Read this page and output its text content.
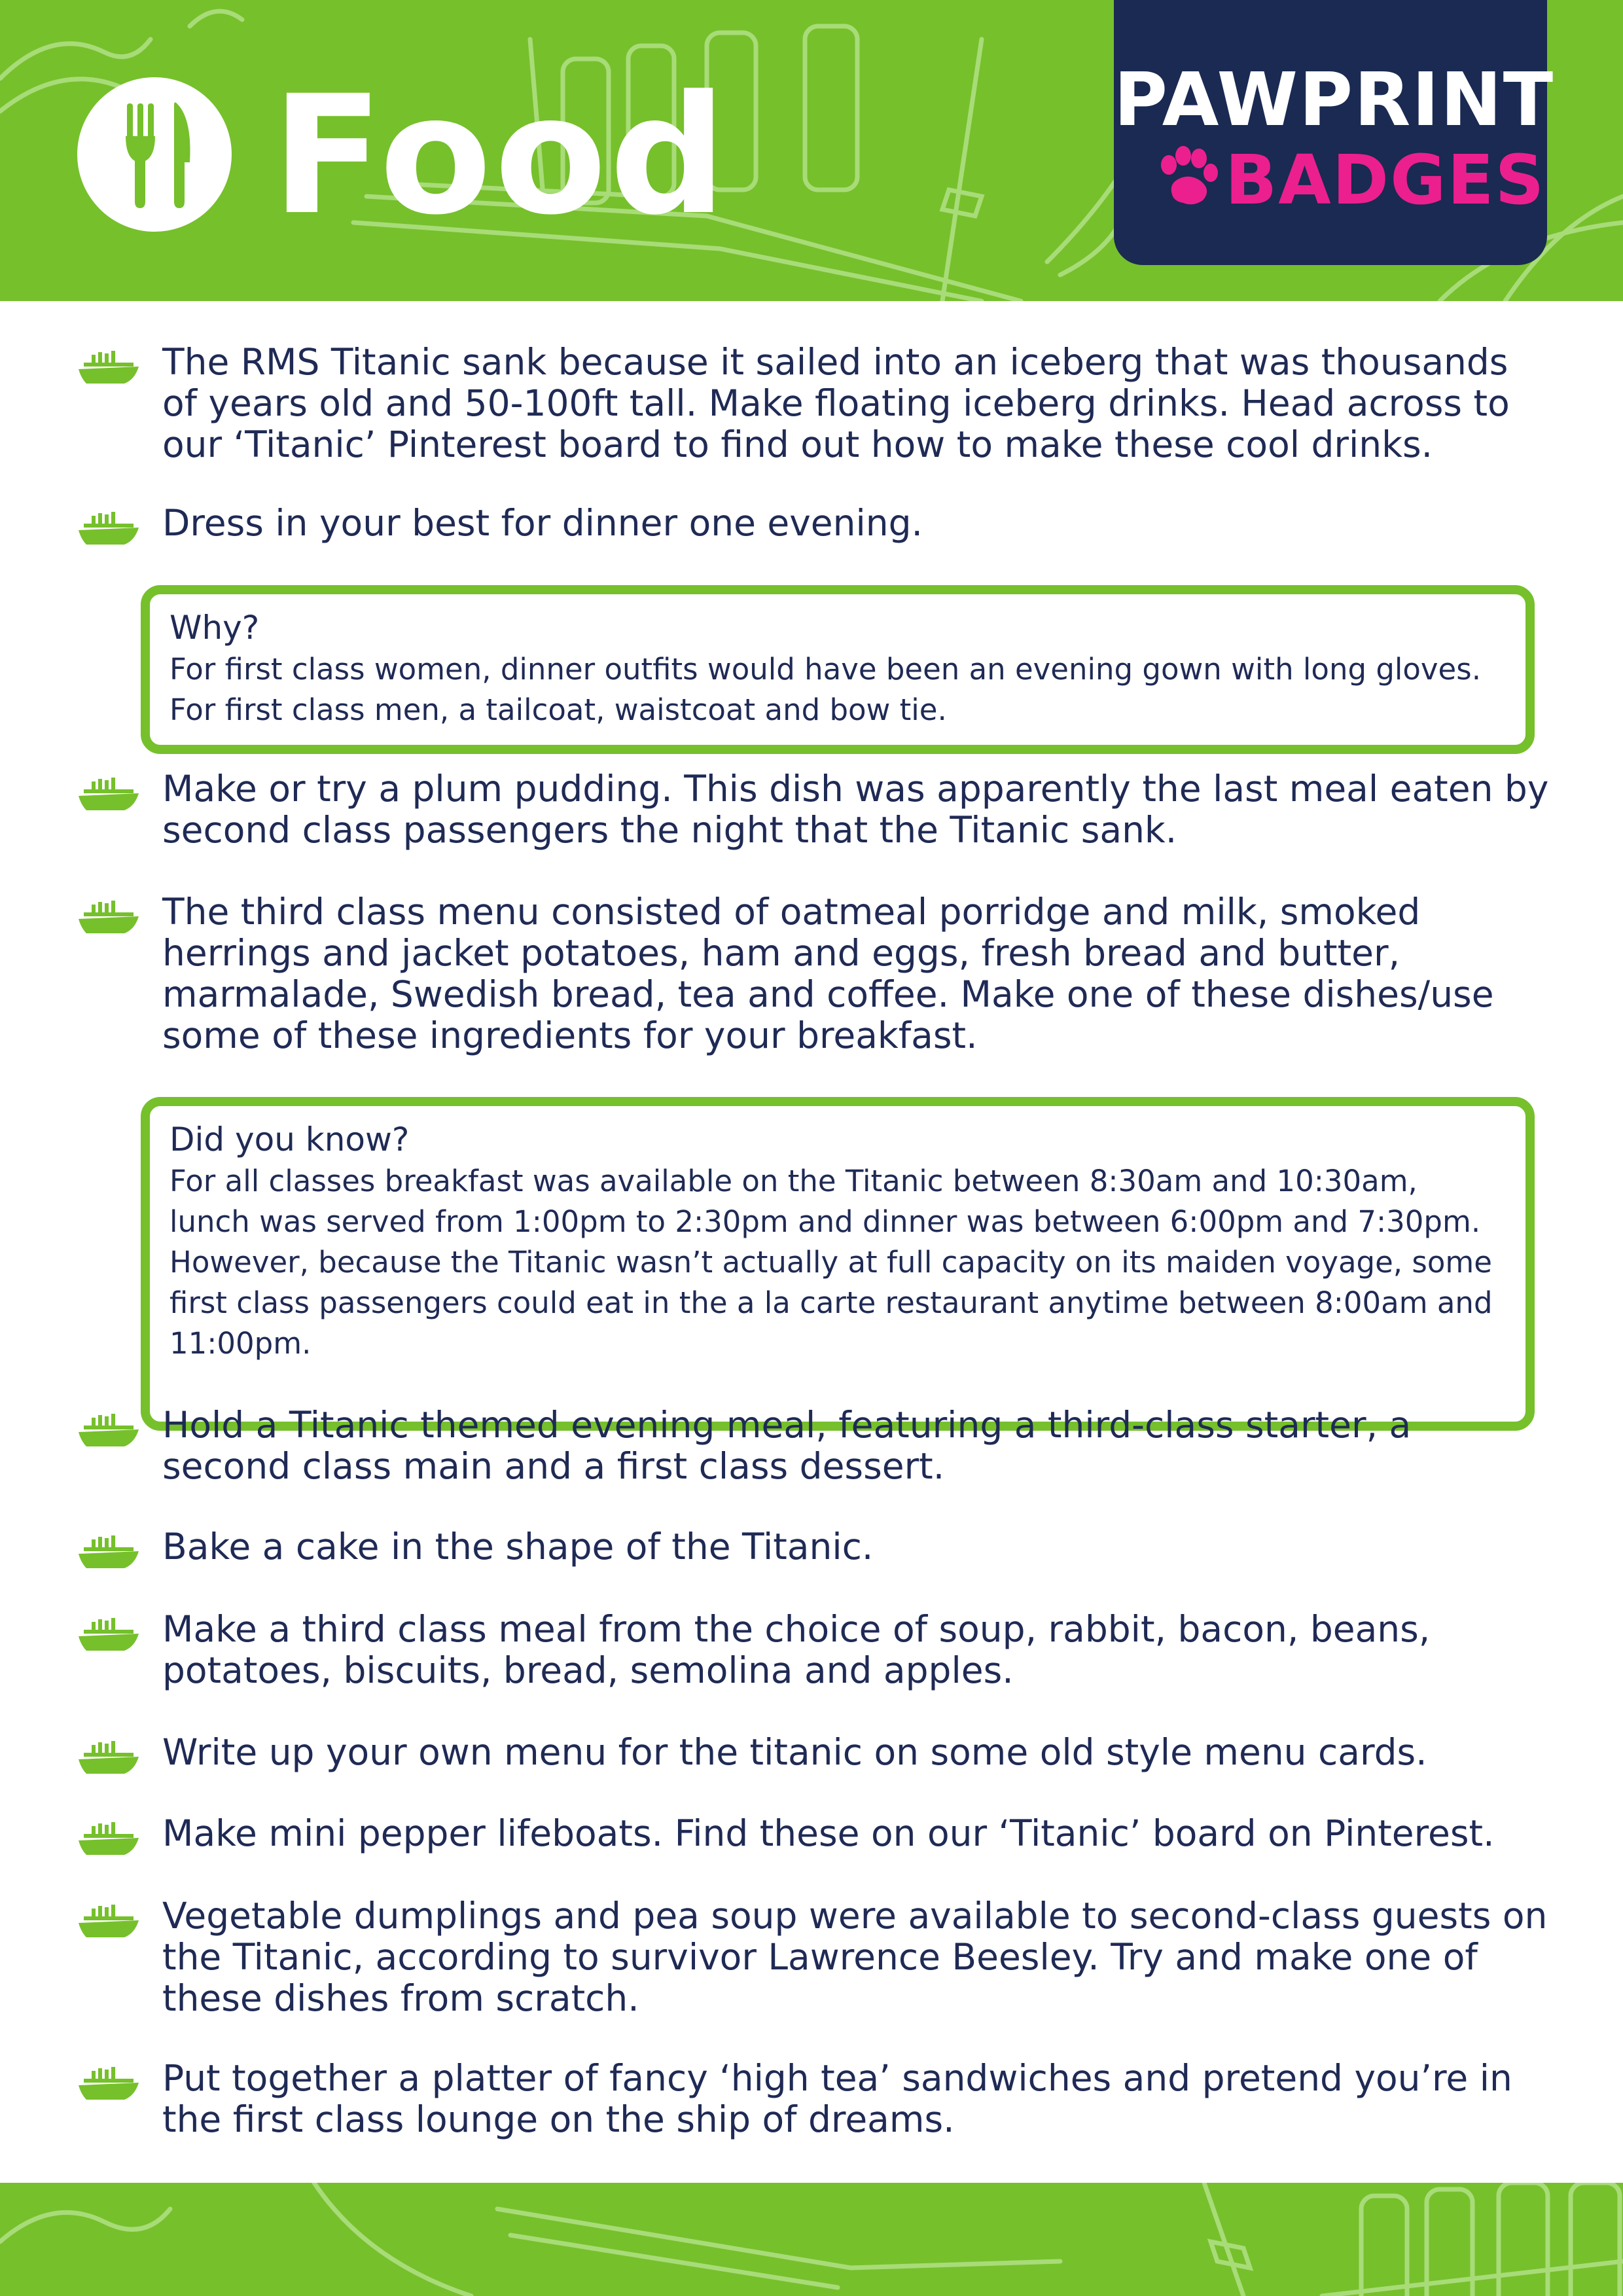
Food	PAWPRINT
BADGES
The RMS Titanic sank because it sailed into an iceberg that was thousands of years old and 50-100ft tall. Make floating iceberg drinks. Head across to our ‘Titanic’ Pinterest board to find out how to make these cool drinks.
Dress in your best for dinner one evening.
Why?
For first class women, dinner outfits would have been an evening gown with long gloves.
For first class men, a tailcoat, waistcoat and bow tie.
Make or try a plum pudding. This dish was apparently the last meal eaten by second class passengers the night that the Titanic sank.
The third class menu consisted of oatmeal porridge and milk, smoked herrings and jacket potatoes, ham and eggs, fresh bread and butter, marmalade, Swedish bread, tea and coffee. Make one of these dishes/use some of these ingredients for your breakfast.
Did you know?
For all classes breakfast was available on the Titanic between 8:30am and 10:30am,
lunch was served from 1:00pm to 2:30pm and dinner was between 6:00pm and 7:30pm.
However, because the Titanic wasn’t actually at full capacity on its maiden voyage, some
first class passengers could eat in the a la carte restaurant anytime between 8:00am and
11:00pm.
Hold a Titanic themed evening meal, featuring a third-class starter, a second class main and a first class dessert.
Bake a cake in the shape of the Titanic.
Make a third class meal from the choice of soup, rabbit, bacon, beans, potatoes, biscuits, bread, semolina and apples.
Write up your own menu for the titanic on some old style menu cards.
Make mini pepper lifeboats. Find these on our ‘Titanic’ board on Pinterest.
Vegetable dumplings and pea soup were available to second-class guests on the Titanic, according to survivor Lawrence Beesley. Try and make one of these dishes from scratch.
Put together a platter of fancy ‘high tea’ sandwiches and pretend you’re in the first class lounge on the ship of dreams.
